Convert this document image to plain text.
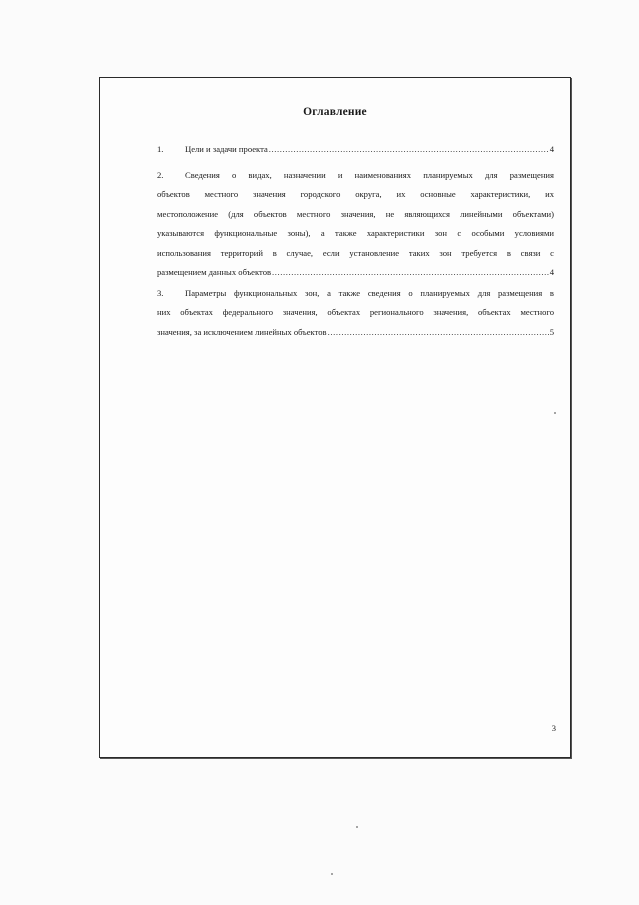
Оглавление
1.	Цели и задачи проекта .....	4
2.	Сведения о видах, назначении и наименованиях планируемых для размещения
объектов местного значения городского округа, их основные характеристики, их
местоположение (для объектов местного значения, не являющихся линейными объектами)
указываются функциональные зоны), а также характеристики зон с особыми условиями
использования территорий в случае, если установление таких зон требуется в связи с
размещением данных объектов .....	4
3.	Параметры функциональных зон, а также сведения о планируемых для размещения в
них объектах федерального значения, объектах регионального значения, объектах местного
значения, за исключением линейных объектов .....	5
3
